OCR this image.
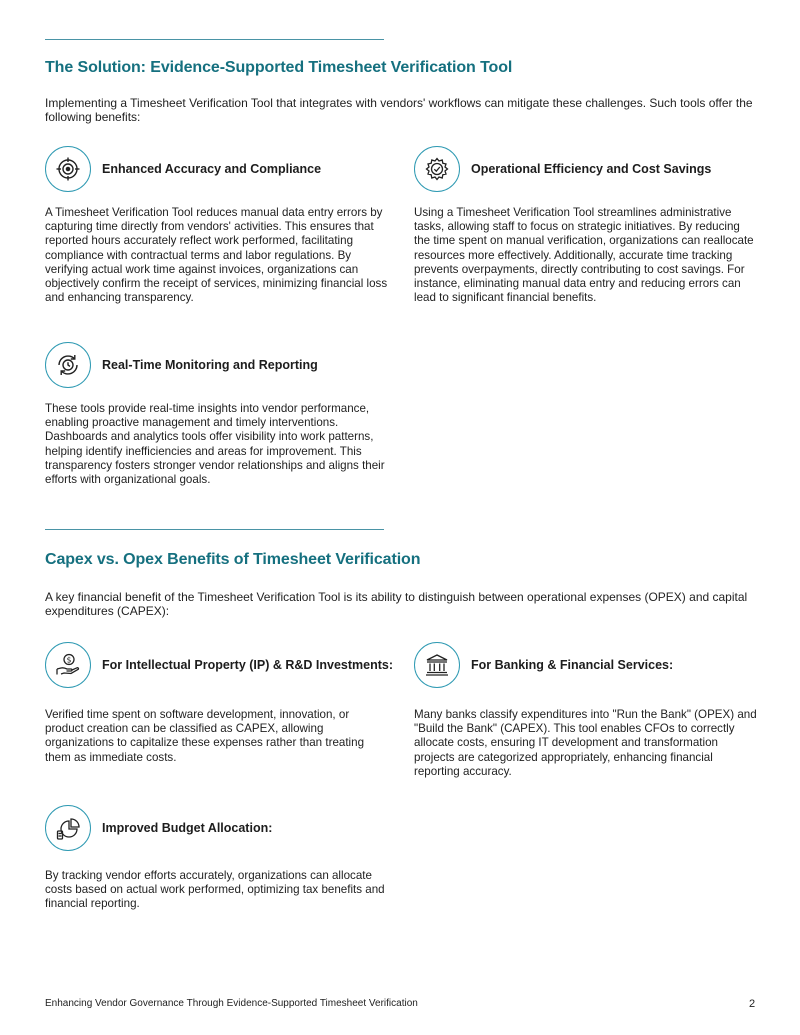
The Solution: Evidence-Supported Timesheet Verification Tool

Implementing a Timesheet Verification Tool that integrates with vendors' workflows can mitigate these challenges. Such tools offer the following benefits:

Enhanced Accuracy and Compliance

A Timesheet Verification Tool reduces manual data entry errors by capturing time directly from vendors' activities. This ensures that reported hours accurately reflect work performed, facilitating compliance with contractual terms and labor regulations. By verifying actual work time against invoices, organizations can objectively confirm the receipt of services, minimizing financial loss and enhancing transparency.

Operational Efficiency and Cost Savings

Using a Timesheet Verification Tool streamlines administrative tasks, allowing staff to focus on strategic initiatives. By reducing the time spent on manual verification, organizations can reallocate resources more effectively. Additionally, accurate time tracking prevents overpayments, directly contributing to cost savings. For instance, eliminating manual data entry and reducing errors can lead to significant financial benefits.

Real-Time Monitoring and Reporting

These tools provide real-time insights into vendor performance, enabling proactive management and timely interventions. Dashboards and analytics tools offer visibility into work patterns, helping identify inefficiencies and areas for improvement. This transparency fosters stronger vendor relationships and aligns their efforts with organizational goals.

Capex vs. Opex Benefits of Timesheet Verification

A key financial benefit of the Timesheet Verification Tool is its ability to distinguish between operational expenses (OPEX) and capital expenditures (CAPEX):

$ For Intellectual Property (IP) & R&D Investments:

Verified time spent on software development, innovation, or product creation can be classified as CAPEX, allowing organizations to capitalize these expenses rather than treating them as immediate costs.

For Banking & Financial Services:

Many banks classify expenditures into "Run the Bank" (OPEX) and "Build the Bank" (CAPEX). This tool enables CFOs to correctly allocate costs, ensuring IT development and transformation projects are categorized appropriately, enhancing financial reporting accuracy.

Improved Budget Allocation:

By tracking vendor efforts accurately, organizations can allocate costs based on actual work performed, optimizing tax benefits and financial reporting.

Enhancing Vendor Governance Through Evidence-Supported Timesheet Verification	2
